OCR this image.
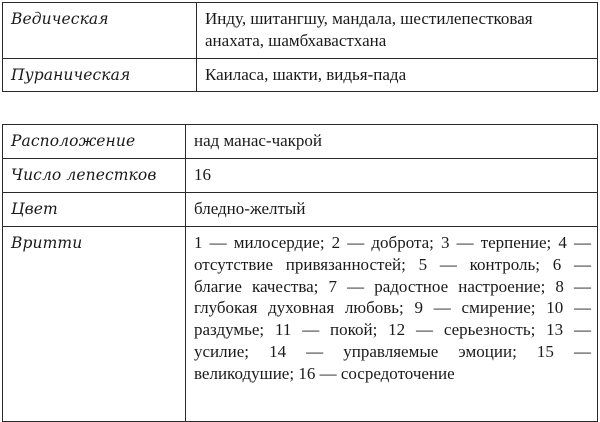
Ведическая	Инду, шитангшу, мандала, шестилепестковая анахата, шамбхавастхана
Пураническая	Каиласа, шакти, видья-пада
Расположение	над манас-чакрой
Число лепестков	16
Цвет	бледно-желтый
Вритти	1 — милосердие; 2 — доброта; 3 — терпение; 4 — отсутствие привязанностей; 5 — контроль; 6 — благие качества; 7 — радостное настроение; 8 — глубокая духовная любовь; 9 — смирение; 10 — раздумье; 11 — покой; 12 — серьезность; 13 — усилие; 14 — управляемые эмоции; 15 — великодушие; 16 — сосредоточение
